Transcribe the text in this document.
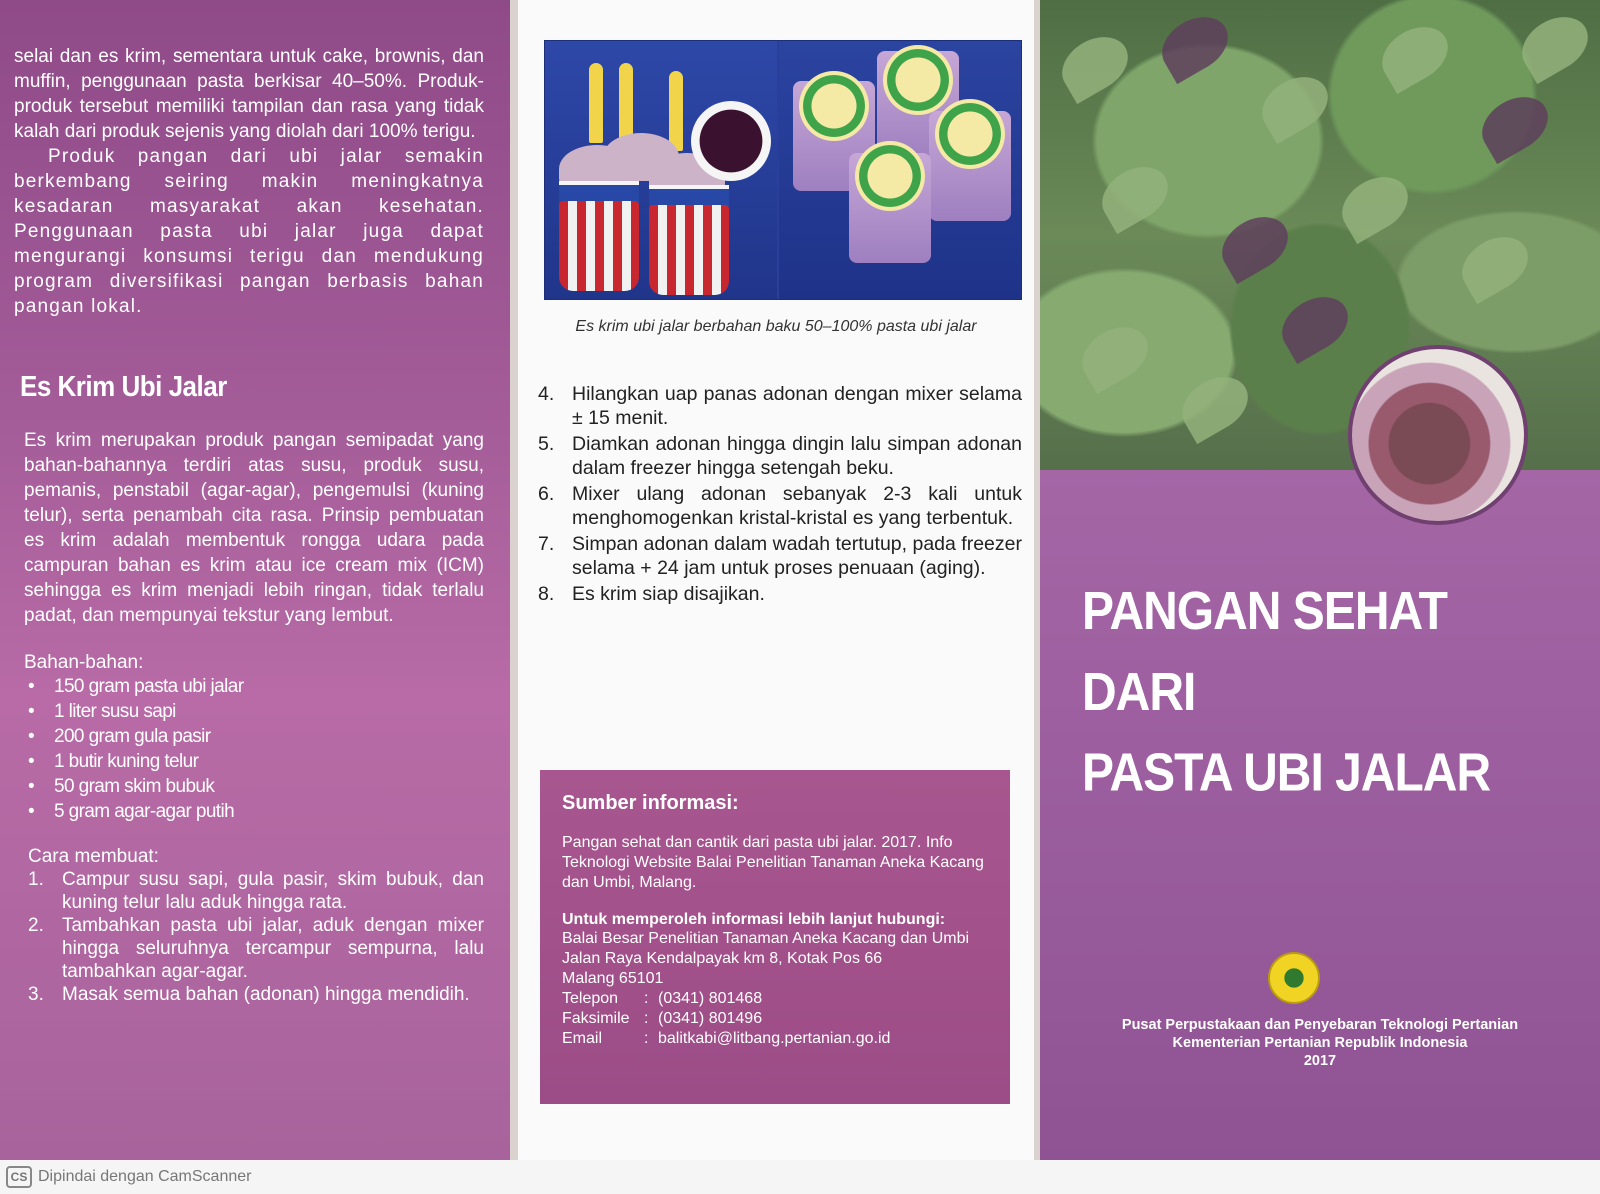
selai dan es krim, sementara untuk cake, brownis, dan muffin, penggunaan pasta berkisar 40–50%. Produk-produk tersebut memiliki tampilan dan rasa yang tidak kalah dari produk sejenis yang diolah dari 100% terigu.

Produk pangan dari ubi jalar semakin berkembang seiring makin meningkatnya kesadaran masyarakat akan kesehatan. Penggunaan pasta ubi jalar juga dapat mengurangi konsumsi terigu dan mendukung program diversifikasi pangan berbasis bahan pangan lokal.

Es Krim Ubi Jalar

Es krim merupakan produk pangan semipadat yang bahan-bahannya terdiri atas susu, produk susu, pemanis, penstabil (agar-agar), pengemulsi (kuning telur), serta penambah cita rasa. Prinsip pembuatan es krim adalah membentuk rongga udara pada campuran bahan es krim atau ice cream mix (ICM) sehingga es krim menjadi lebih ringan, tidak terlalu padat, dan mempunyai tekstur yang lembut.

Bahan-bahan:
• 150 gram pasta ubi jalar
• 1 liter susu sapi
• 200 gram gula pasir
• 1 butir kuning telur
• 50 gram skim bubuk
• 5 gram agar-agar putih
Cara membuat:
1. Campur susu sapi, gula pasir, skim bubuk, dan kuning telur lalu aduk hingga rata.
2. Tambahkan pasta ubi jalar, aduk dengan mixer hingga seluruhnya tercampur sempurna, lalu tambahkan agar-agar.
3. Masak semua bahan (adonan) hingga mendidih.
Es krim ubi jalar berbahan baku 50–100% pasta ubi jalar
4. Hilangkan uap panas adonan dengan mixer selama ± 15 menit.
5. Diamkan adonan hingga dingin lalu simpan adonan dalam freezer hingga setengah beku.
6. Mixer ulang adonan sebanyak 2-3 kali untuk menghomogenkan kristal-kristal es yang terbentuk.
7. Simpan adonan dalam wadah tertutup, pada freezer selama + 24 jam untuk proses penuaan (aging).
8. Es krim siap disajikan.
Sumber informasi:
Pangan sehat dan cantik dari pasta ubi jalar. 2017. Info Teknologi Website Balai Penelitian Tanaman Aneka Kacang dan Umbi, Malang.
Untuk memperoleh informasi lebih lanjut hubungi:
Balai Besar Penelitian Tanaman Aneka Kacang dan Umbi
Jalan Raya Kendalpayak km 8, Kotak Pos 66
Malang 65101
Telepon	: (0341) 801468
Faksimile : (0341) 801496
Email	: balitkabi@litbang.pertanian.go.id
PANGAN SEHAT DARI
PASTA UBI JALAR
Pusat Perpustakaan dan Penyebaran Teknologi Pertanian
Kementerian Pertanian Republik Indonesia
2017
CS Dipindai dengan CamScanner
